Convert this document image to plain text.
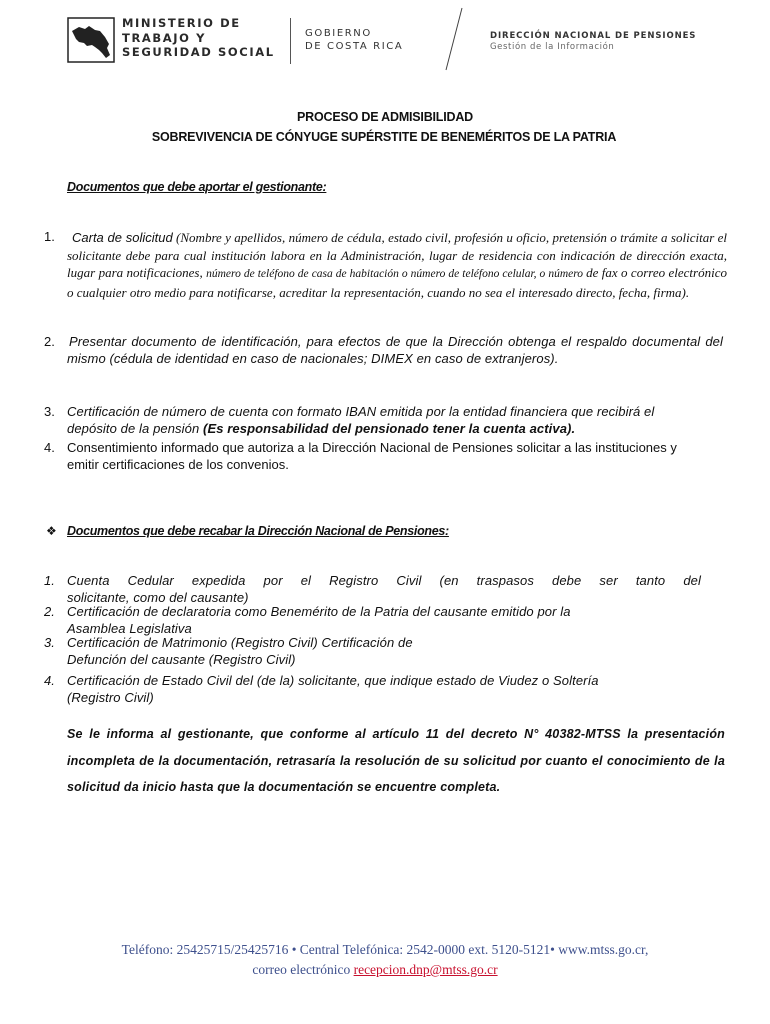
MINISTERIO DE
TRABAJO Y
SEGURIDAD SOCIAL
GOBIERNO
DE COSTA RICA
DIRECCIÓN NACIONAL DE PENSIONES
Gestión de la Información
PROCESO DE ADMISIBILIDAD
SOBREVIVENCIA DE CÓNYUGE SUPÉRSTITE DE BENEMÉRITOS DE LA PATRIA
Documentos que debe aportar el gestionante:
1.	Carta de solicitud (Nombre y apellidos, número de cédula, estado civil, profesión u oficio, pretensión o trámite a solicitar el solicitante debe para cual institución labora en la Administración, lugar de residencia con indicación de dirección exacta, lugar para notificaciones, número de teléfono de casa de habitación o número de teléfono celular, o número de fax o correo electrónico o cualquier otro medio para notificarse, acreditar la representación, cuando no sea el interesado directo, fecha, firma).
2. Presentar documento de identificación, para efectos de que la Dirección obtenga el respaldo documental del mismo (cédula de identidad en caso de nacionales; DIMEX en caso de extranjeros).
3. Certificación de número de cuenta con formato IBAN emitida por la entidad financiera que recibirá el depósito de la pensión (Es responsabilidad del pensionado tener la cuenta activa).
4. Consentimiento informado que autoriza a la Dirección Nacional de Pensiones solicitar a las instituciones y emitir certificaciones de los convenios.
❖ Documentos que debe recabar la Dirección Nacional de Pensiones:
1. Cuenta Cedular expedida por el Registro Civil (en traspasos debe ser tanto del
solicitante, como del causante)
2. Certificación de declaratoria como Benemérito de la Patria del causante emitido por la
Asamblea Legislativa
3. Certificación de Matrimonio (Registro Civil) Certificación de
Defunción del causante (Registro Civil)
4. Certificación de Estado Civil del (de la) solicitante, que indique estado de Viudez o Soltería
(Registro Civil)
Se le informa al gestionante, que conforme al artículo 11 del decreto N° 40382-MTSS la presentación incompleta de la documentación, retrasaría la resolución de su solicitud por cuanto el conocimiento de la solicitud da inicio hasta que la documentación se encuentre completa.
Teléfono: 25425715/25425716 • Central Telefónica: 2542-0000 ext. 5120-5121• www.mtss.go.cr,
correo electrónico recepcion.dnp@mtss.go.cr
